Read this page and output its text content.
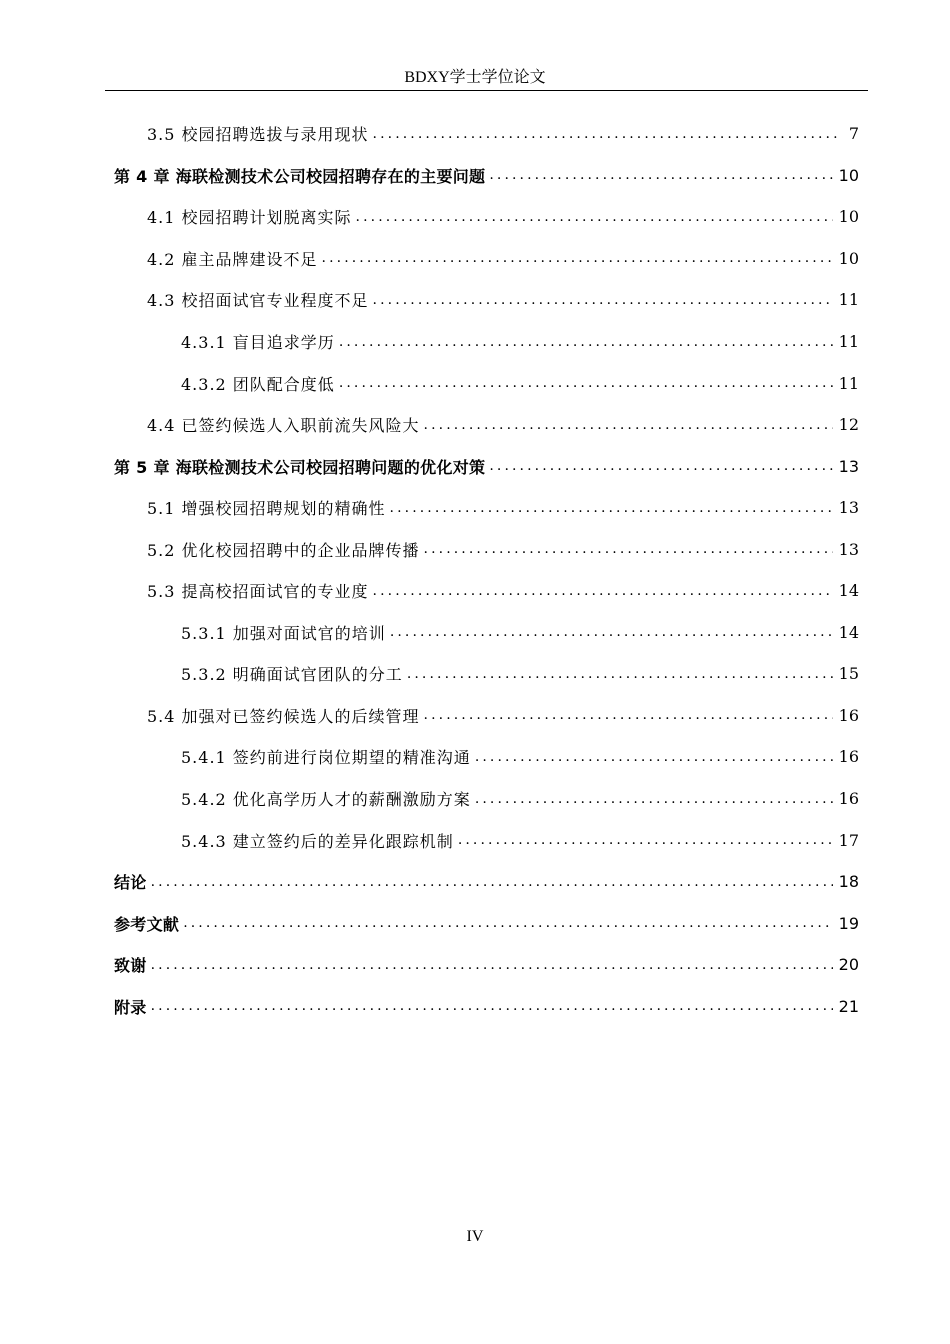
BDXY学士学位论文
3.5 校园招聘选拔与录用现状 .....	7
第 4 章 海联检测技术公司校园招聘存在的主要问题 .....	10
4.1 校园招聘计划脱离实际 .....	10
4.2 雇主品牌建设不足 .....	10
4.3 校招面试官专业程度不足 .....	11
4.3.1 盲目追求学历 .....	11
4.3.2 团队配合度低 .....	11
4.4 已签约候选人入职前流失风险大 .....	12
第 5 章 海联检测技术公司校园招聘问题的优化对策 .....	13
5.1 增强校园招聘规划的精确性 .....	13
5.2 优化校园招聘中的企业品牌传播 .....	13
5.3 提高校招面试官的专业度 .....	14
5.3.1 加强对面试官的培训 .....	14
5.3.2 明确面试官团队的分工 .....	15
5.4 加强对已签约候选人的后续管理 .....	16
5.4.1 签约前进行岗位期望的精准沟通 .....	16
5.4.2 优化高学历人才的薪酬激励方案 .....	16
5.4.3 建立签约后的差异化跟踪机制 .....	17
结论 .....	18
参考文献 .....	19
致谢 .....	20
附录 .....	21
IV
